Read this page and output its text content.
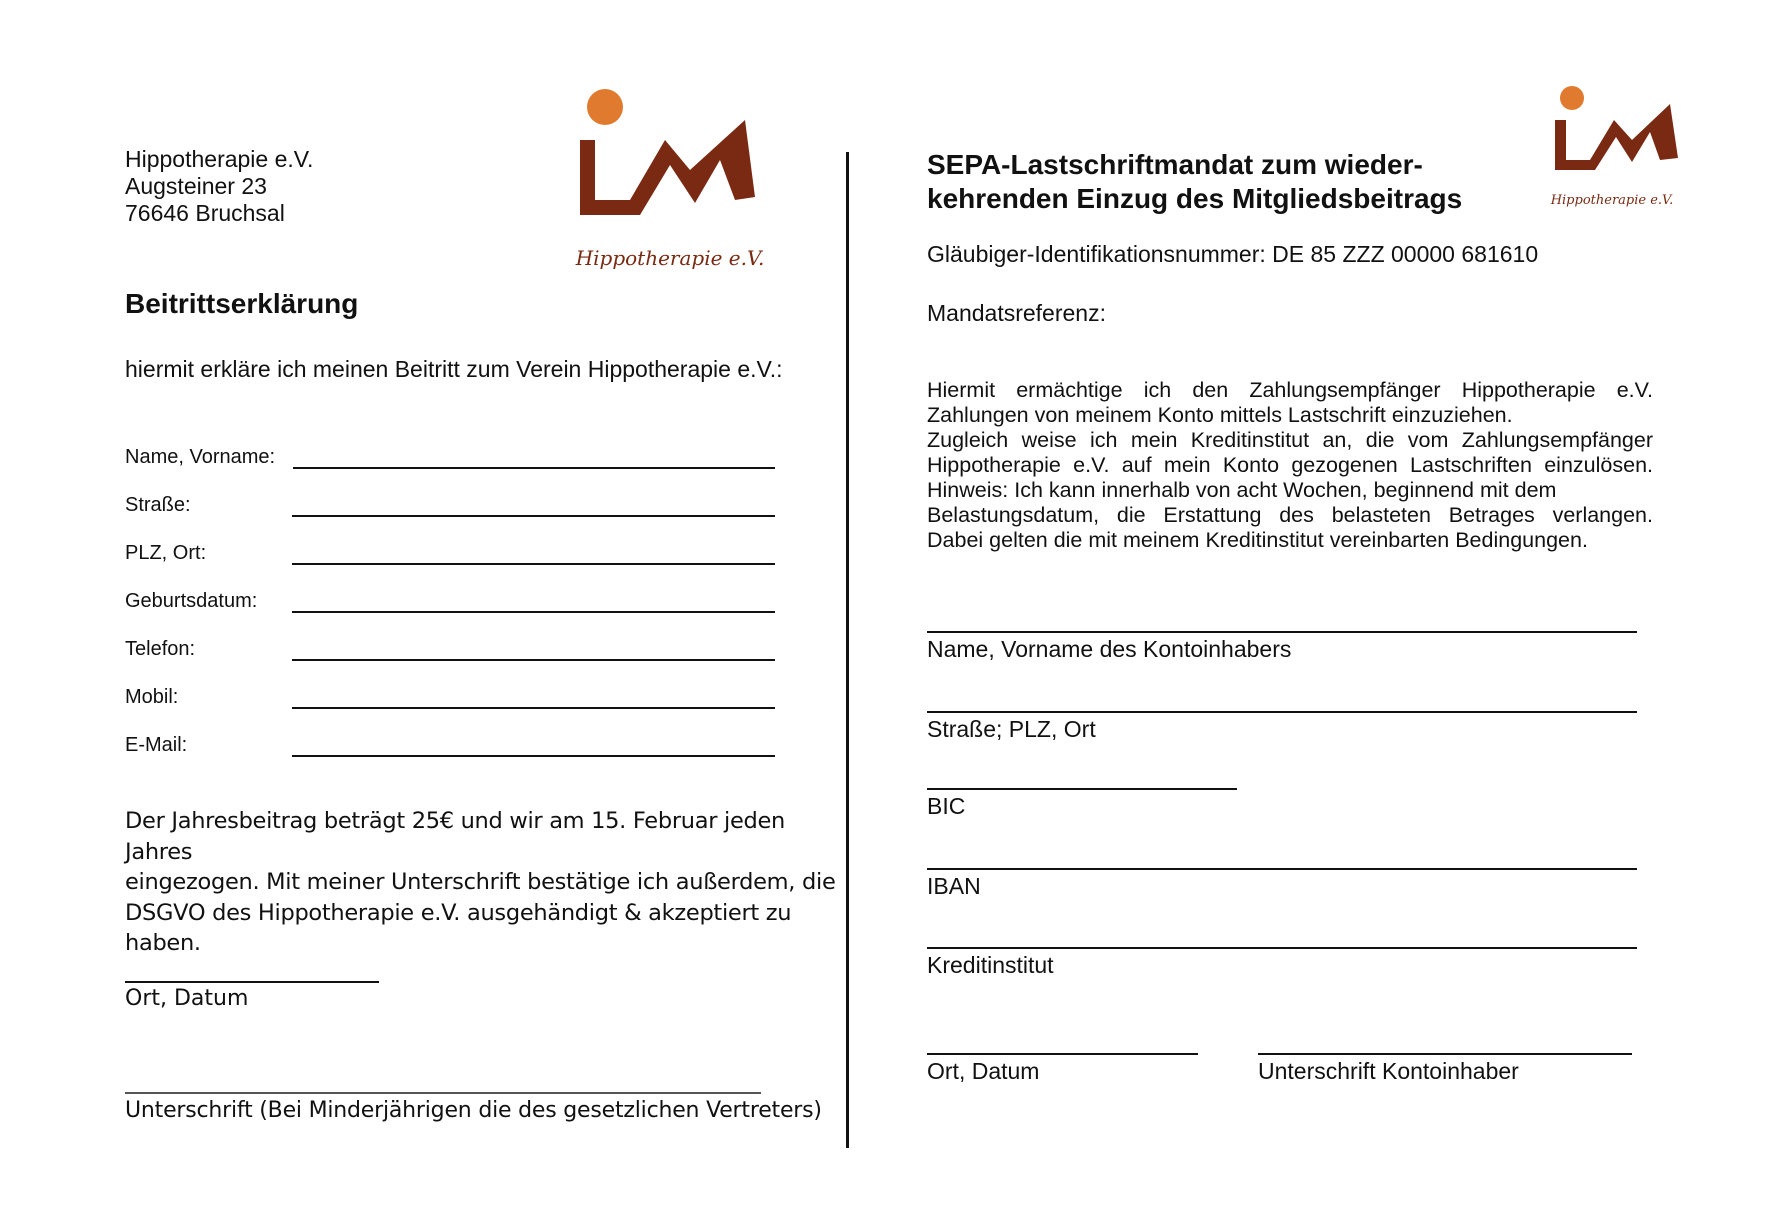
Hippotherapie e.V.
Augsteiner 23
76646 Bruchsal
Hippotherapie e.V.
Beitrittserklärung
hiermit erkläre ich meinen Beitritt zum Verein Hippotherapie e.V.:
Name, Vorname:
Straße:
PLZ, Ort:
Geburtsdatum:
Telefon:
Mobil:
E-Mail:
Der Jahresbeitrag beträgt 25€ und wir am 15. Februar jeden Jahres
eingezogen. Mit meiner Unterschrift bestätige ich außerdem, die
DSGVO des Hippotherapie e.V. ausgehändigt & akzeptiert zu haben.
Ort, Datum
Unterschrift (Bei Minderjährigen die des gesetzlichen Vertreters)
SEPA-Lastschriftmandat zum wieder-
kehrenden Einzug des Mitgliedsbeitrags	Hippotherapie e.V.
Gläubiger-Identifikationsnummer: DE 85 ZZZ 00000 681610
Mandatsreferenz:
Hiermit ermächtige ich den Zahlungsempfänger Hippotherapie e.V.
Zahlungen von meinem Konto mittels Lastschrift einzuziehen.
Zugleich weise ich mein Kreditinstitut an, die vom Zahlungsempfänger
Hippotherapie e.V. auf mein Konto gezogenen Lastschriften einzulösen.
Hinweis: Ich kann innerhalb von acht Wochen, beginnend mit dem
Belastungsdatum, die Erstattung des belasteten Betrages verlangen.
Dabei gelten die mit meinem Kreditinstitut vereinbarten Bedingungen.
Name, Vorname des Kontoinhabers
Straße; PLZ, Ort
BIC
IBAN
Kreditinstitut
Ort, Datum	Unterschrift Kontoinhaber
